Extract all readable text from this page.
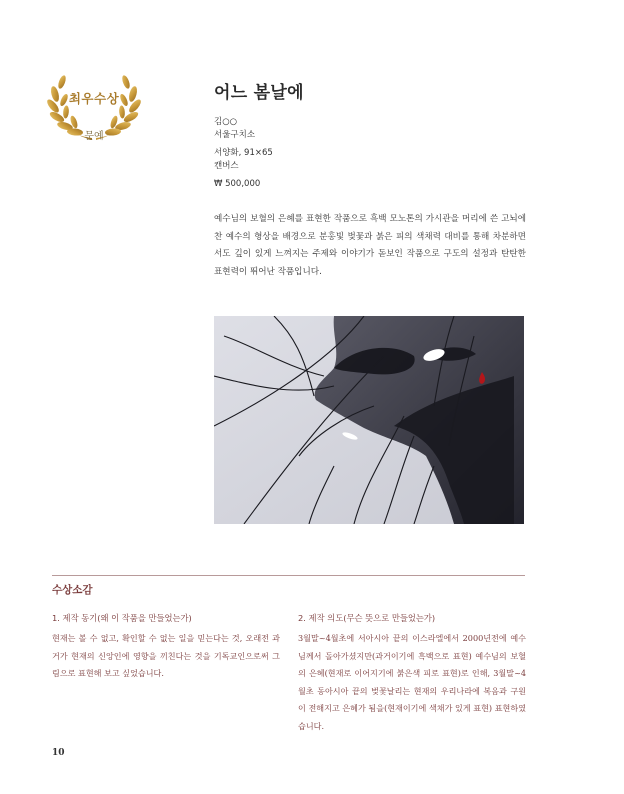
최우수상
문예
어느 봄날에
김○○
서울구치소
서양화, 91×65
캔버스
₩ 500,000

예수님의 보혈의 은혜를 표현한 작품으로 흑백 모노톤의 가시관을 머리에 쓴 고뇌에 찬 예수의 형상을 배경으로 분홍빛 벚꽃과 붉은 피의 색채력 대비를 통해 차분하면서도 깊이 있게 느껴지는 주제와 이야기가 돋보인 작품으로 구도의 설정과 탄탄한 표현력이 뛰어난 작품입니다.

수상소감
1. 제작 동기(왜 이 작품을 만들었는가)

현재는 볼 수 없고, 확인할 수 없는 일을 믿는다는 것, 오래전 과거가 현재의 신앙인에 영향을 끼친다는 것을 기독교인으로써 그림으로 표현해 보고 싶었습니다.

2. 제작 의도(무슨 뜻으로 만들었는가)

3월말~4월초에 서아시아 끝의 이스라엘에서 2000년전에 예수님께서 돌아가셨지만(과거이기에 흑백으로 표현) 예수님의 보혈의 은혜(현재로 이어지기에 붉은색 피로 표현)로 인해, 3월말~4월초 동아시아 끝의 벚꽃날리는 현재의 우리나라에 복음과 구원이 전해지고 은혜가 됨을(현재이기에 색채가 있게 표현) 표현하였습니다.

10
